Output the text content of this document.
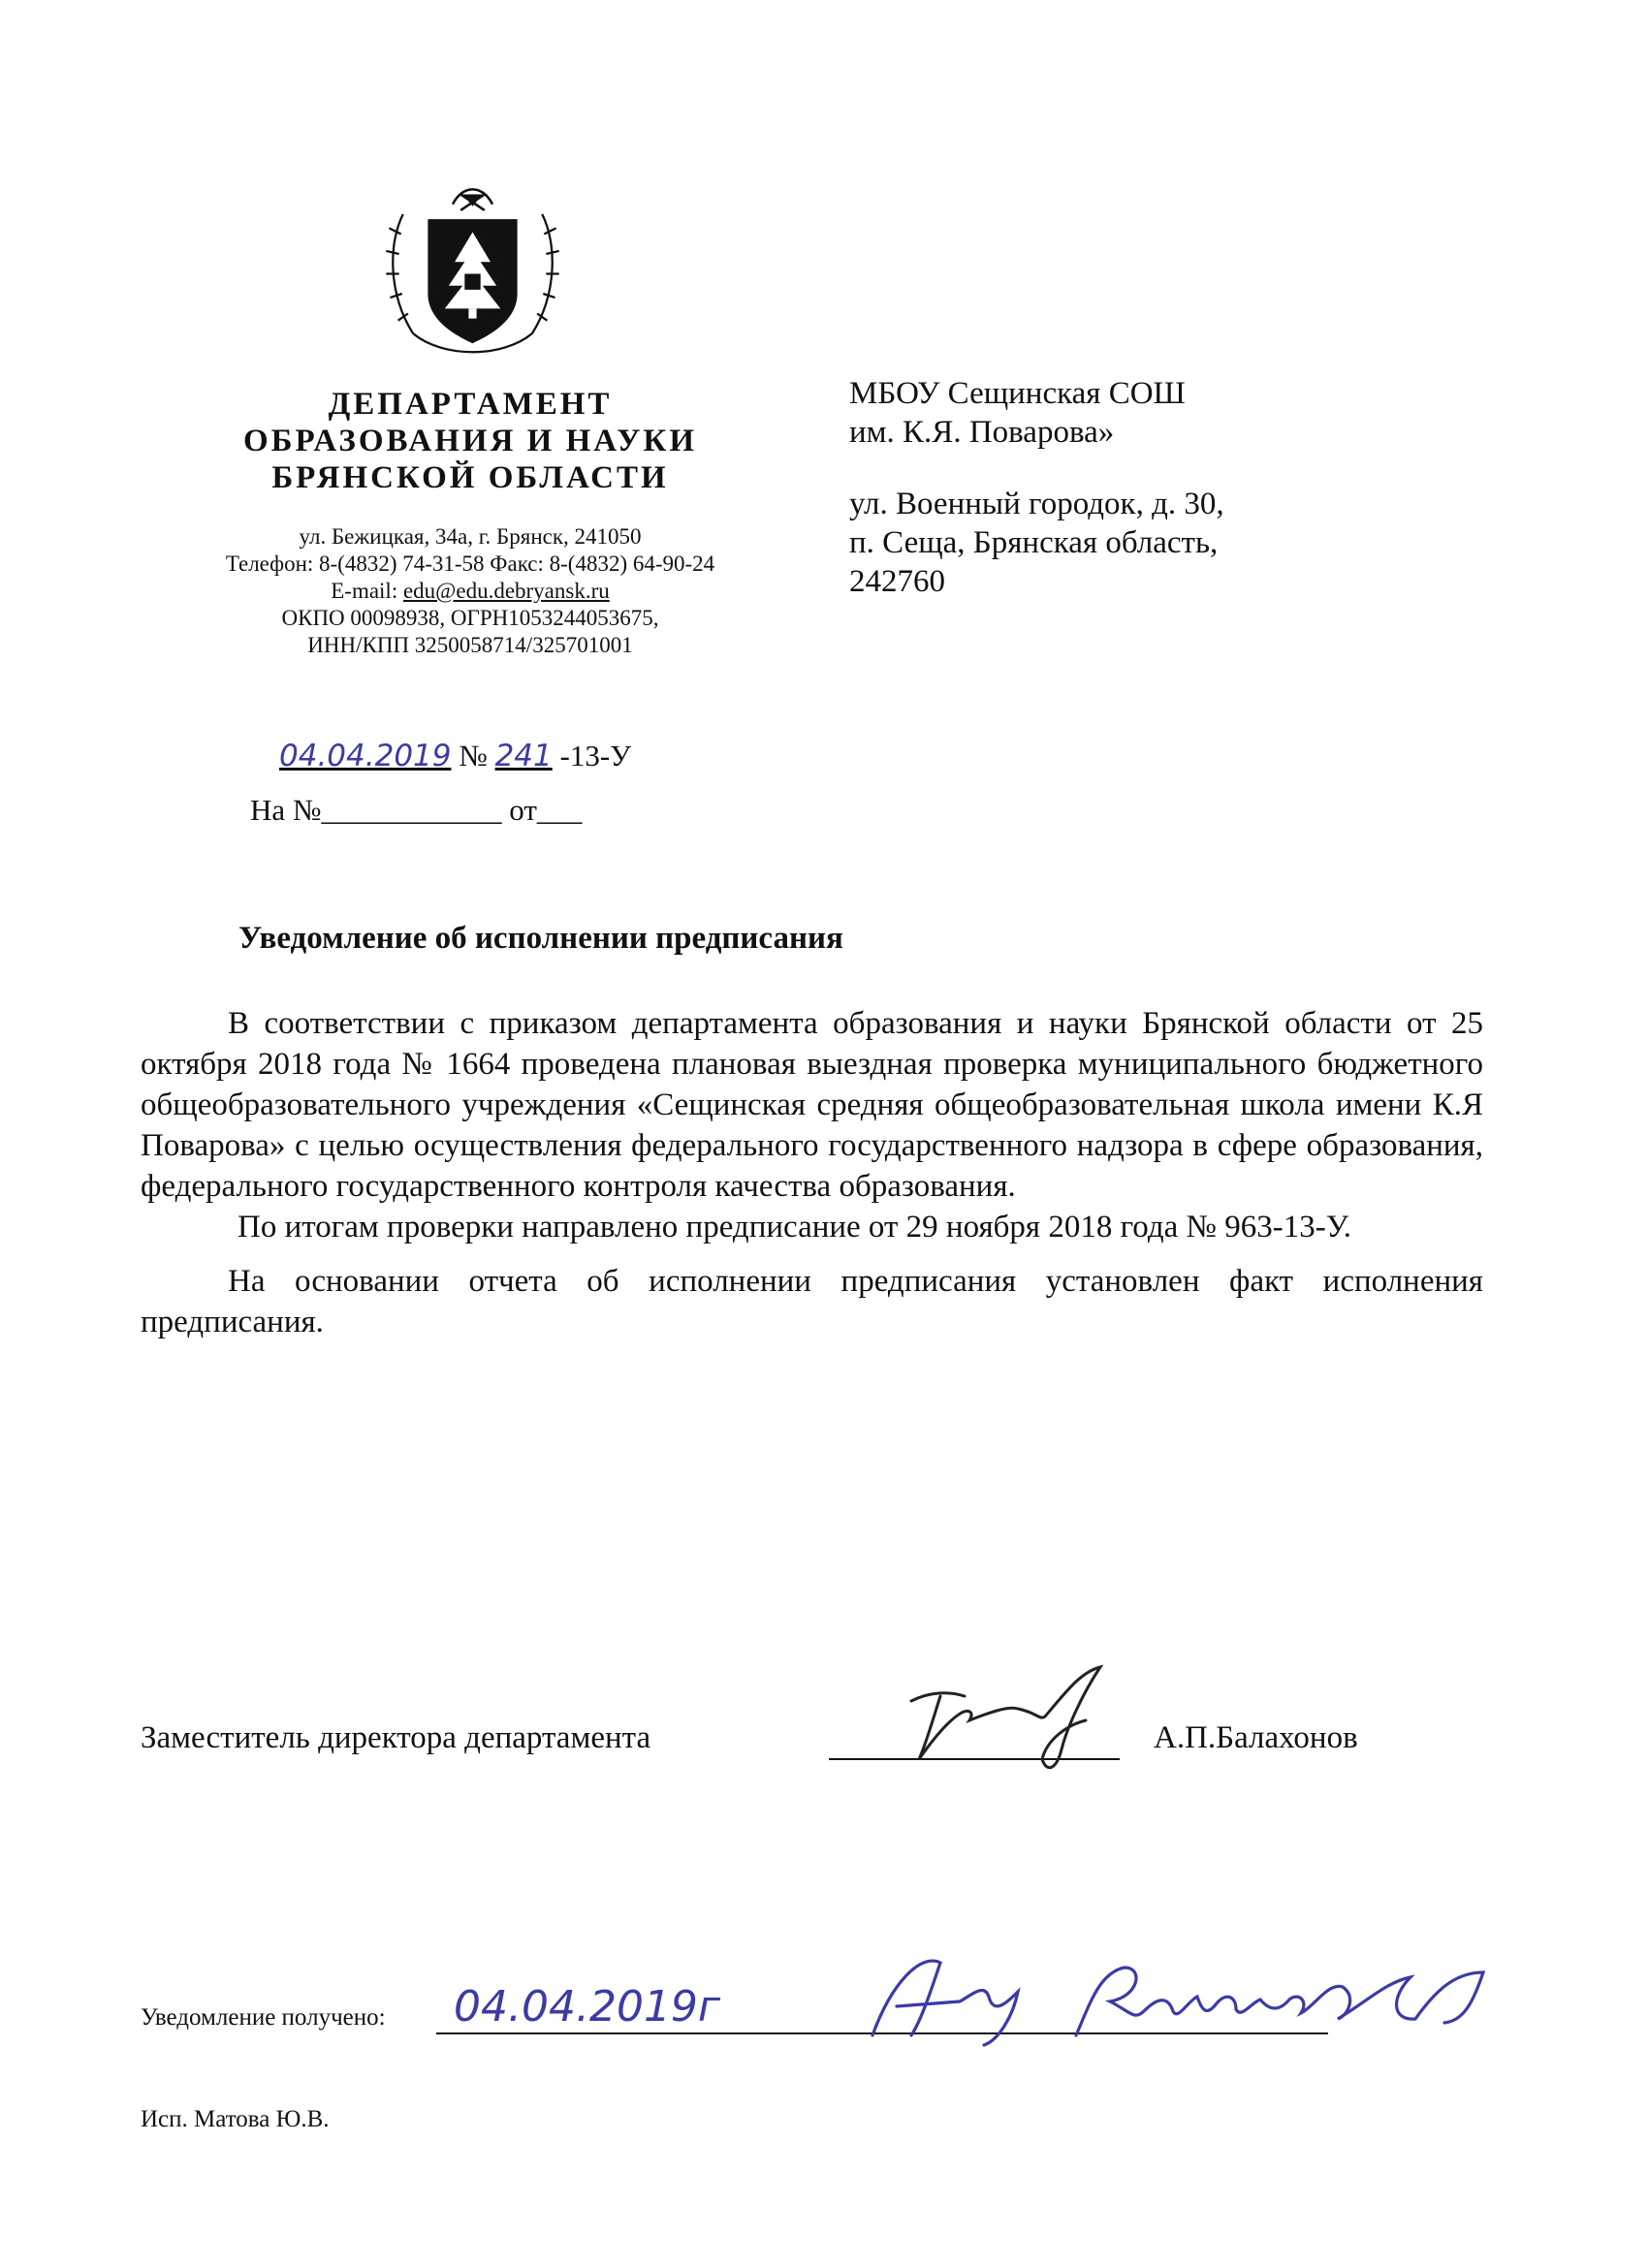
ДЕПАРТАМЕНТ
ОБРАЗОВАНИЯ И НАУКИ
БРЯНСКОЙ ОБЛАСТИ
ул. Бежицкая, 34а, г. Брянск, 241050
Телефон: 8-(4832) 74-31-58 Факс: 8-(4832) 64-90-24
E-mail: edu@edu.debryansk.ru
ОКПО 00098938, ОГРН1053244053675,
ИНН/КПП 3250058714/325701001
МБОУ Сещинская СОШ
им. К.Я. Поварова»
ул. Военный городок, д. 30,
п. Сеща, Брянская область,
242760
04.04.2019 № 241 -13-У
На №____________ от___
Уведомление об исполнении предписания

В соответствии с приказом департамента образования и науки Брянской области от 25 октября 2018 года № 1664 проведена плановая выездная проверка муниципального бюджетного общеобразовательного учреждения «Сещинская средняя общеобразовательная школа имени К.Я Поварова» с целью осуществления федерального государственного надзора в сфере образования, федерального государственного контроля качества образования.

По итогам проверки направлено предписание от 29 ноября 2018 года № 963-13-У.

На основании отчета об исполнении предписания установлен факт исполнения предписания.

Заместитель директора департамента	А.П.Балахонов
Уведомление получено: 04.04.2019г
Исп. Матова Ю.В.
